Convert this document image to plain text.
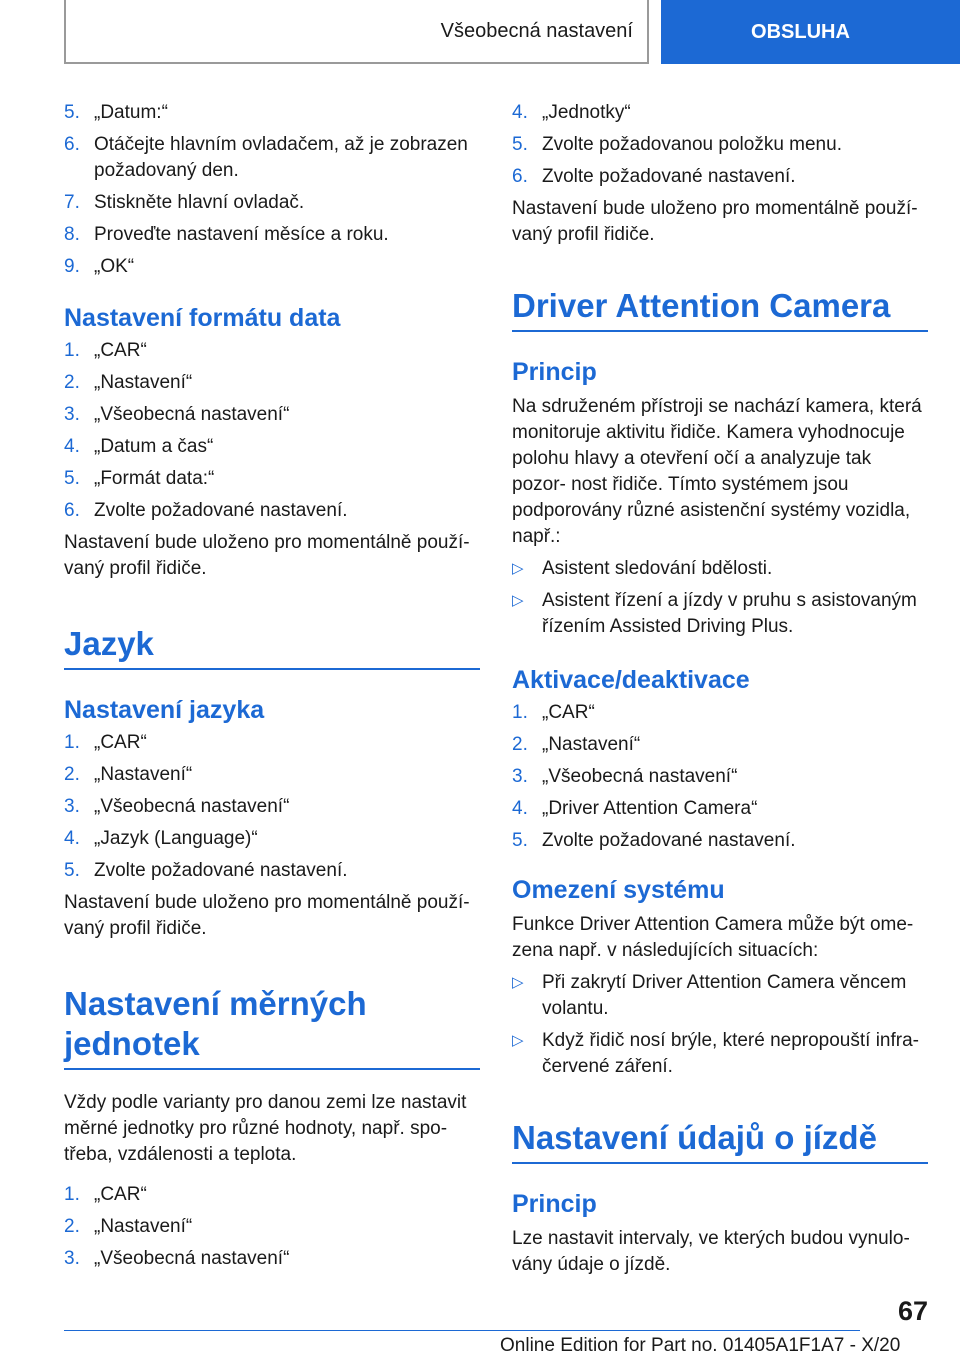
Všeobecná nastavení	OBSLUHA
5. „Datum:“
6. Otáčejte hlavním ovladačem, až je zobrazen požadovaný den.
7. Stiskněte hlavní ovladač.
8. Proveďte nastavení měsíce a roku.
9. „OK“
Nastavení formátu data
1. „CAR“
2. „Nastavení“
3. „Všeobecná nastavení“
4. „Datum a čas“
5. „Formát data:“
6. Zvolte požadované nastavení.

Nastavení bude uloženo pro momentálně použí- vaný profil řidiče.

Jazyk
Nastavení jazyka
1. „CAR“
2. „Nastavení“
3. „Všeobecná nastavení“
4. „Jazyk (Language)“
5. Zvolte požadované nastavení.

Nastavení bude uloženo pro momentálně použí- vaný profil řidiče.

Nastavení měrných jednotek

Vždy podle varianty pro danou zemi lze nastavit měrné jednotky pro různé hodnoty, např. spo- třeba, vzdálenosti a teplota.

1. „CAR“
2. „Nastavení“
3. „Všeobecná nastavení“
4. „Jednotky“
5. Zvolte požadovanou položku menu.
6. Zvolte požadované nastavení.

Nastavení bude uloženo pro momentálně použí- vaný profil řidiče.

Driver Attention Camera
Princip

Na sdruženém přístroji se nachází kamera, která monitoruje aktivitu řidiče. Kamera vyhodnocuje polohu hlavy a otevření očí a analyzuje tak pozor- nost řidiče. Tímto systémem jsou podporovány různé asistenční systémy vozidla, např.:

▷ Asistent sledování bdělosti.
▷ Asistent řízení a jízdy v pruhu s asistovaným řízením Assisted Driving Plus.
Aktivace/deaktivace
1. „CAR“
2. „Nastavení“
3. „Všeobecná nastavení“
4. „Driver Attention Camera“
5. Zvolte požadované nastavení.
Omezení systému

Funkce Driver Attention Camera může být ome- zena např. v následujících situacích:

▷ Při zakrytí Driver Attention Camera věncem volantu.
▷ Když řidič nosí brýle, které nepropouští infra- červené záření.
Nastavení údajů o jízdě
Princip

Lze nastavit intervaly, ve kterých budou vynulo- vány údaje o jízdě.

67
Online Edition for Part no. 01405A1F1A7 - X/20
